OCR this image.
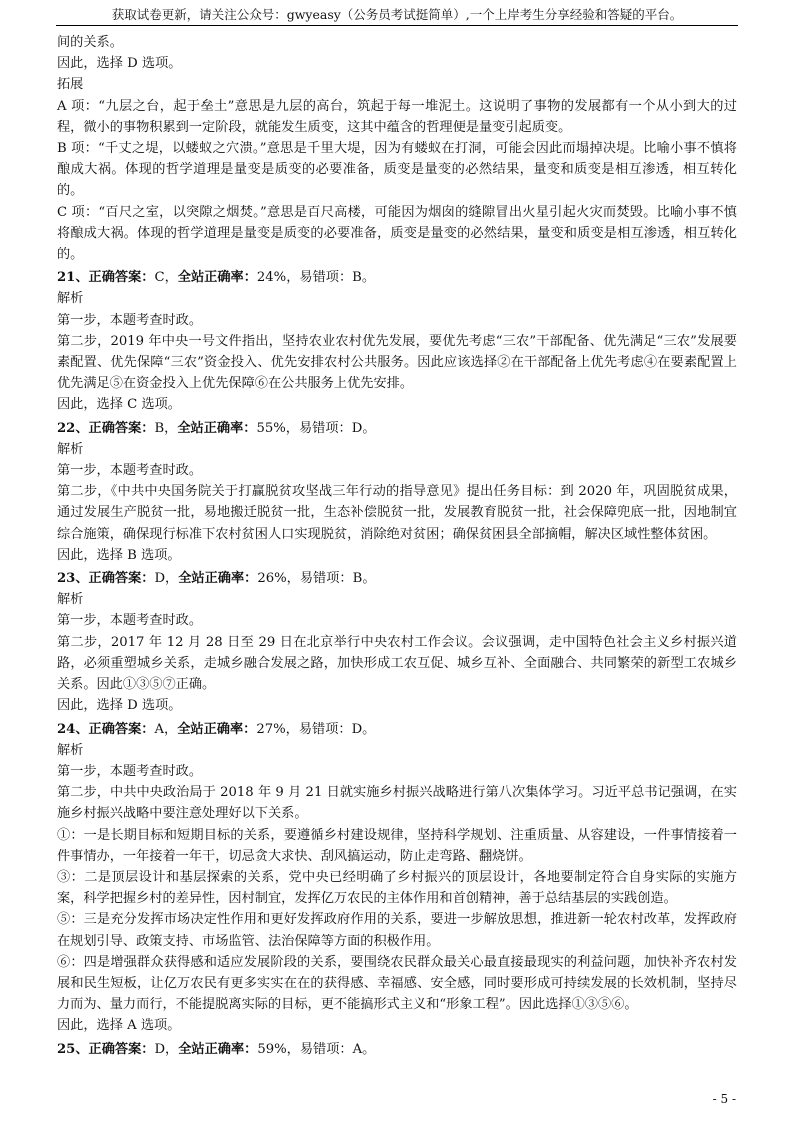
获取试卷更新，请关注公众号：gwyeasy（公务员考试挺简单）,一个上岸考生分享经验和答疑的平台。

间的关系。

因此，选择 D 选项。

拓展

A 项：“九层之台，起于垒土”意思是九层的高台，筑起于每一堆泥土。这说明了事物的发展都有一个从小到大的过程，微小的事物积累到一定阶段，就能发生质变，这其中蕴含的哲理便是量变引起质变。

B 项：“千丈之堤，以蝼蚁之穴溃。”意思是千里大堤，因为有蝼蚁在打洞，可能会因此而塌掉决堤。比喻小事不慎将酿成大祸。体现的哲学道理是量变是质变的必要准备，质变是量变的必然结果，量变和质变是相互渗透，相互转化的。

C 项：“百尺之室，以突隙之烟焚。”意思是百尺高楼，可能因为烟囱的缝隙冒出火星引起火灾而焚毁。比喻小事不慎将酿成大祸。体现的哲学道理是量变是质变的必要准备，质变是量变的必然结果，量变和质变是相互渗透，相互转化的。

21、正确答案：C，全站正确率：24%，易错项：B。

解析

第一步，本题考查时政。

第二步，2019 年中央一号文件指出，坚持农业农村优先发展，要优先考虑“三农”干部配备、优先满足“三农”发展要素配置、优先保障“三农”资金投入、优先安排农村公共服务。因此应该选择②在干部配备上优先考虑④在要素配置上优先满足⑤在资金投入上优先保障⑥在公共服务上优先安排。

因此，选择 C 选项。

22、正确答案：B，全站正确率：55%，易错项：D。

解析

第一步，本题考查时政。

第二步，《中共中央国务院关于打赢脱贫攻坚战三年行动的指导意见》提出任务目标：到 2020 年，巩固脱贫成果，通过发展生产脱贫一批，易地搬迁脱贫一批，生态补偿脱贫一批，发展教育脱贫一批，社会保障兜底一批，因地制宜综合施策，确保现行标准下农村贫困人口实现脱贫，消除绝对贫困；确保贫困县全部摘帽，解决区域性整体贫困。

因此，选择 B 选项。

23、正确答案：D，全站正确率：26%，易错项：B。

解析

第一步，本题考查时政。

第二步，2017 年 12 月 28 日至 29 日在北京举行中央农村工作会议。会议强调，走中国特色社会主义乡村振兴道路，必须重塑城乡关系，走城乡融合发展之路，加快形成工农互促、城乡互补、全面融合、共同繁荣的新型工农城乡关系。因此①③⑤⑦正确。

因此，选择 D 选项。

24、正确答案：A，全站正确率：27%，易错项：D。

解析

第一步，本题考查时政。

第二步，中共中央政治局于 2018 年 9 月 21 日就实施乡村振兴战略进行第八次集体学习。习近平总书记强调，在实施乡村振兴战略中要注意处理好以下关系。

①：一是长期目标和短期目标的关系，要遵循乡村建设规律，坚持科学规划、注重质量、从容建设，一件事情接着一件事情办，一年接着一年干，切忌贪大求快、刮风搞运动，防止走弯路、翻烧饼。

③：二是顶层设计和基层探索的关系，党中央已经明确了乡村振兴的顶层设计，各地要制定符合自身实际的实施方案，科学把握乡村的差异性，因村制宜，发挥亿万农民的主体作用和首创精神，善于总结基层的实践创造。

⑤：三是充分发挥市场决定性作用和更好发挥政府作用的关系，要进一步解放思想，推进新一轮农村改革，发挥政府在规划引导、政策支持、市场监管、法治保障等方面的积极作用。

⑥：四是增强群众获得感和适应发展阶段的关系，要围绕农民群众最关心最直接最现实的利益问题，加快补齐农村发展和民生短板，让亿万农民有更多实实在在的获得感、幸福感、安全感，同时要形成可持续发展的长效机制，坚持尽力而为、量力而行，不能提脱离实际的目标，更不能搞形式主义和“形象工程”。因此选择①③⑤⑥。

因此，选择 A 选项。

25、正确答案：D，全站正确率：59%，易错项：A。

- 5 -
